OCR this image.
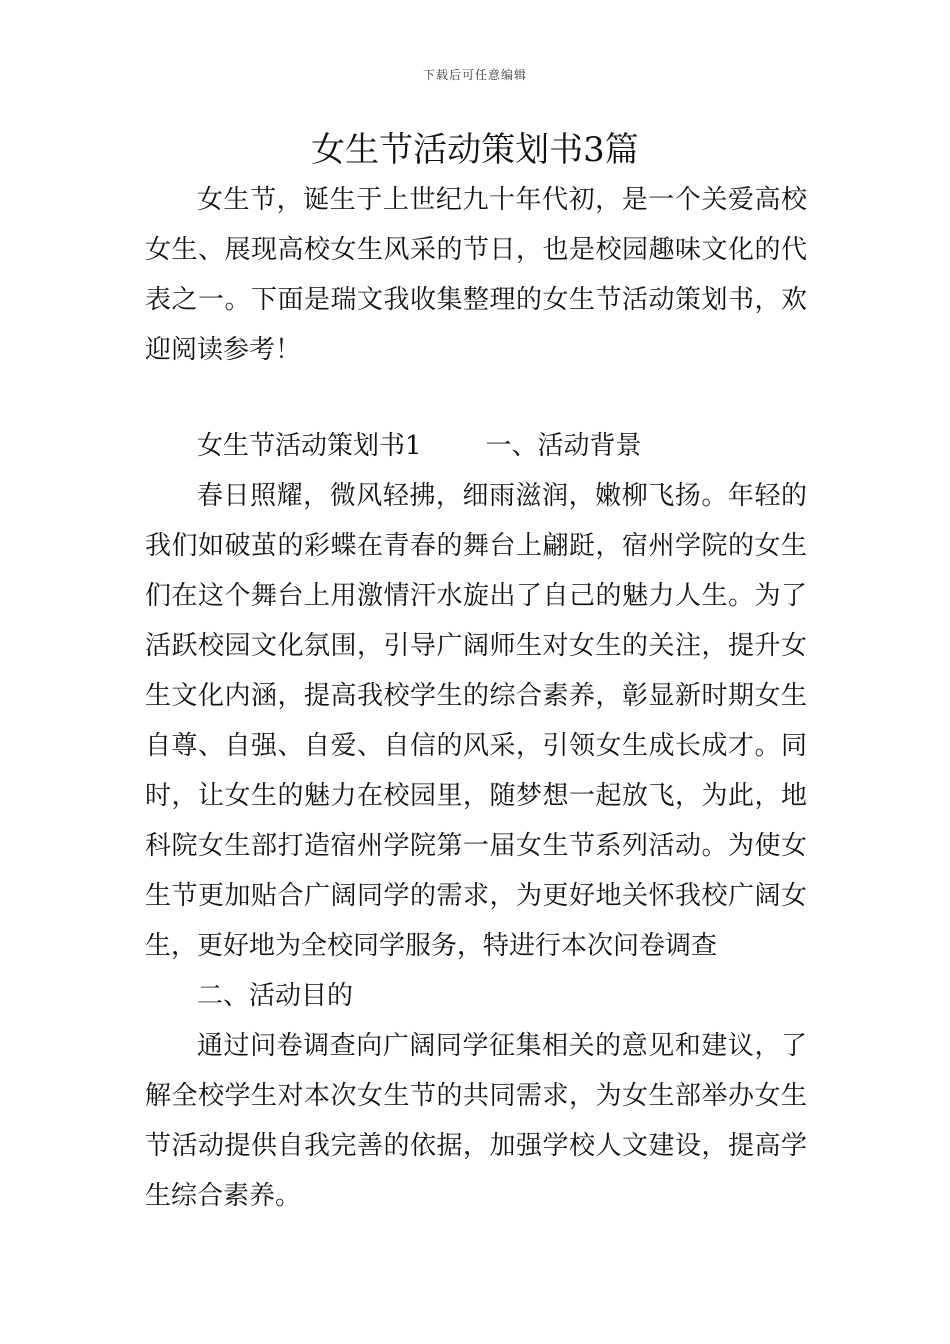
下载后可任意编辑
女生节活动策划书3篇

女生节，诞生于上世纪九十年代初，是一个关爱高校女生、展现高校女生风采的节日，也是校园趣味文化的代表之一。下面是瑞文我收集整理的女生节活动策划书，欢迎阅读参考！

女生节活动策划书1 一、活动背景

春日照耀，微风轻拂，细雨滋润，嫩柳飞扬。年轻的我们如破茧的彩蝶在青春的舞台上翩跹，宿州学院的女生们在这个舞台上用激情汗水旋出了自己的魅力人生。为了活跃校园文化氛围，引导广阔师生对女生的关注，提升女生文化内涵，提高我校学生的综合素养，彰显新时期女生自尊、自强、自爱、自信的风采，引领女生成长成才。同时，让女生的魅力在校园里，随梦想一起放飞，为此，地科院女生部打造宿州学院第一届女生节系列活动。为使女生节更加贴合广阔同学的需求，为更好地关怀我校广阔女生，更好地为全校同学服务，特进行本次问卷调查

二、活动目的

通过问卷调查向广阔同学征集相关的意见和建议，了解全校学生对本次女生节的共同需求，为女生部举办女生节活动提供自我完善的依据，加强学校人文建设，提高学生综合素养。
